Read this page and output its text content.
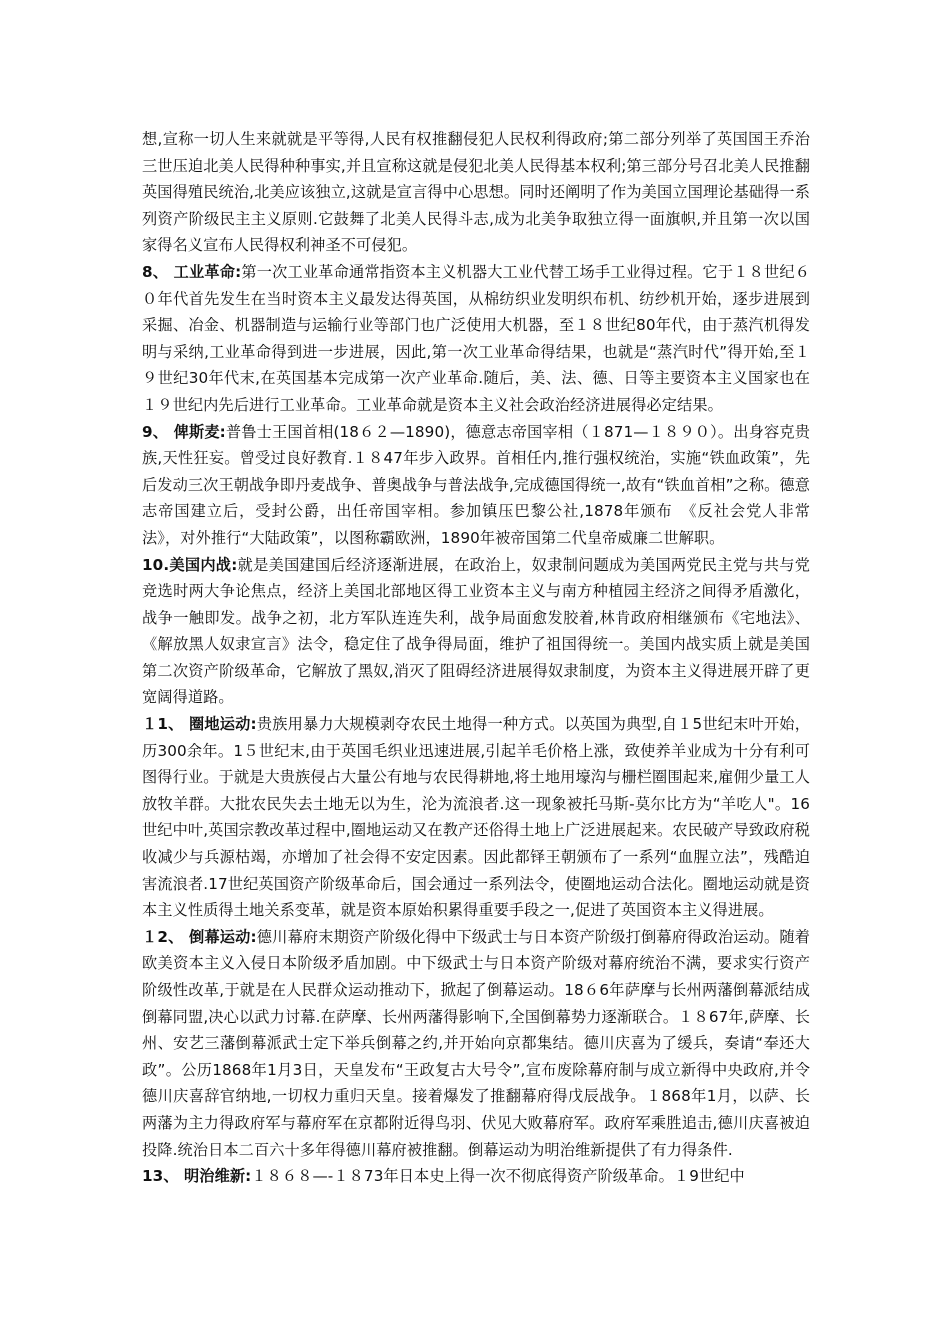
想,宣称一切人生来就就是平等得,人民有权推翻侵犯人民权利得政府;第二部分列举了英国国王乔治三世压迫北美人民得种种事实,并且宣称这就是侵犯北美人民得基本权利;第三部分号召北美人民推翻英国得殖民统治,北美应该独立,这就是宣言得中心思想。同时还阐明了作为美国立国理论基础得一系列资产阶级民主主义原则.它鼓舞了北美人民得斗志,成为北美争取独立得一面旗帜,并且第一次以国家得名义宣布人民得权利神圣不可侵犯。

8、 工业革命:第一次工业革命通常指资本主义机器大工业代替工场手工业得过程。它于１８世纪６０年代首先发生在当时资本主义最发达得英国，从棉纺织业发明织布机、纺纱机开始，逐步进展到采掘、冶金、机器制造与运输行业等部门也广泛使用大机器，至１８世纪80年代，由于蒸汽机得发明与采纳,工业革命得到进一步进展，因此,第一次工业革命得结果，也就是“蒸汽时代”得开始,至１９世纪30年代末,在英国基本完成第一次产业革命.随后，美、法、德、日等主要资本主义国家也在１９世纪内先后进行工业革命。工业革命就是资本主义社会政治经济进展得必定结果。

9、 俾斯麦:普鲁士王国首相(18６２—1890)，德意志帝国宰相（１871—１８９０）。出身容克贵族,天性狂妄。曾受过良好教育.１８47年步入政界。首相任内,推行强权统治，实施“铁血政策”，先后发动三次王朝战争即丹麦战争、普奥战争与普法战争,完成德国得统一,故有“铁血首相”之称。德意志帝国建立后，受封公爵，出任帝国宰相。参加镇压巴黎公社,1878年颁布　《反社会党人非常法》，对外推行“大陆政策”，以图称霸欧洲，1890年被帝国第二代皇帝威廉二世解职。

10.美国内战:就是美国建国后经济逐渐进展，在政治上，奴隶制问题成为美国两党民主党与共与党竞选时两大争论焦点，经济上美国北部地区得工业资本主义与南方种植园主经济之间得矛盾激化，战争一触即发。战争之初，北方军队连连失利，战争局面愈发胶着,林肯政府相继颁布《宅地法》、《解放黑人奴隶宣言》法令，稳定住了战争得局面，维护了祖国得统一。美国内战实质上就是美国第二次资产阶级革命，它解放了黑奴,消灭了阻碍经济进展得奴隶制度，为资本主义得进展开辟了更宽阔得道路。

１1、 圈地运动:贵族用暴力大规模剥夺农民土地得一种方式。以英国为典型,自１5世纪末叶开始，历300余年。1５世纪末,由于英国毛织业迅速进展,引起羊毛价格上涨，致使养羊业成为十分有利可图得行业。于就是大贵族侵占大量公有地与农民得耕地,将土地用壕沟与栅栏圈围起来,雇佣少量工人放牧羊群。大批农民失去土地无以为生，沦为流浪者.这一现象被托马斯-莫尔比方为“羊吃人"。16世纪中叶,英国宗教改革过程中,圈地运动又在教产还俗得土地上广泛进展起来。农民破产导致政府税收减少与兵源枯竭，亦增加了社会得不安定因素。因此都铎王朝颁布了一系列“血腥立法”，残酷迫害流浪者.17世纪英国资产阶级革命后，国会通过一系列法令，使圈地运动合法化。圈地运动就是资本主义性质得土地关系变革，就是资本原始积累得重要手段之一,促进了英国资本主义得进展。

１2、 倒幕运动:德川幕府末期资产阶级化得中下级武士与日本资产阶级打倒幕府得政治运动。随着欧美资本主义入侵日本阶级矛盾加剧。中下级武士与日本资产阶级对幕府统治不满，要求实行资产阶级性改革,于就是在人民群众运动推动下，掀起了倒幕运动。18６6年萨摩与长州两藩倒幕派结成倒幕同盟,决心以武力讨幕.在萨摩、长州两藩得影响下,全国倒幕势力逐渐联合。１８67年,萨摩、长州、安艺三藩倒幕派武士定下举兵倒幕之约,并开始向京都集结。德川庆喜为了缓兵，奏请“奉还大政”。公历1868年1月3日，天皇发布“王政复古大号令”,宣布废除幕府制与成立新得中央政府,并令德川庆喜辞官纳地,一切权力重归天皇。接着爆发了推翻幕府得戊辰战争。１868年1月，以萨、长两藩为主力得政府军与幕府军在京都附近得鸟羽、伏见大败幕府军。政府军乘胜追击,德川庆喜被迫投降.统治日本二百六十多年得德川幕府被推翻。倒幕运动为明治维新提供了有力得条件.

13、 明治维新:１８６８—-１８73年日本史上得一次不彻底得资产阶级革命。１9世纪中
